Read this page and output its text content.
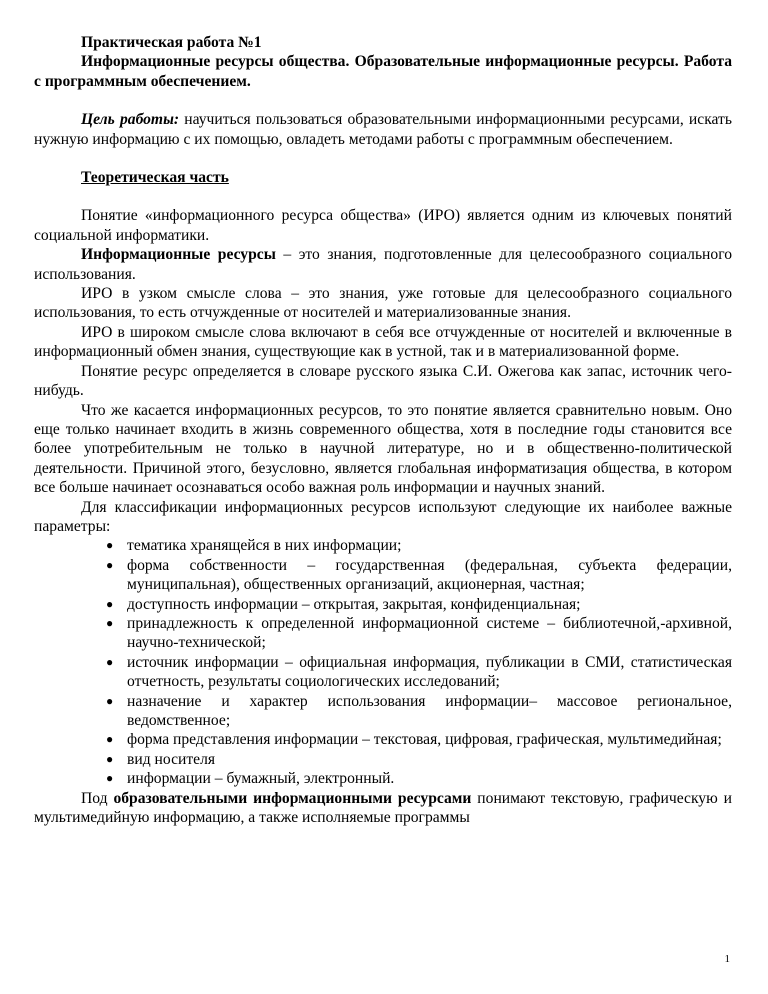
Практическая работа №1

Информационные ресурсы общества. Образовательные информационные ресурсы. Работа с программным обеспечением.

Цель работы: научиться пользоваться образовательными информационными ресурсами, искать нужную информацию с их помощью, овладеть методами работы с программным обеспечением.

Теоретическая часть

Понятие «информационного ресурса общества» (ИРО) является одним из ключевых понятий социальной информатики.

Информационные ресурсы – это знания, подготовленные для целесообразного социального использования.

ИРО в узком смысле слова – это знания, уже готовые для целесообразного социального использования, то есть отчужденные от носителей и материализованные знания.

ИРО в широком смысле слова включают в себя все отчужденные от носителей и включенные в информационный обмен знания, существующие как в устной, так и в материализованной форме.

Понятие ресурс определяется в словаре русского языка С.И. Ожегова как запас, источник чего-нибудь.

Что же касается информационных ресурсов, то это понятие является сравнительно новым. Оно еще только начинает входить в жизнь современного общества, хотя в последние годы становится все более употребительным не только в научной литературе, но и в общественно-политической деятельности. Причиной этого, безусловно, является глобальная информатизация общества, в котором все больше начинает осознаваться особо важная роль информации и научных знаний.

Для классификации информационных ресурсов используют следующие их наиболее важные параметры:

● тематика хранящейся в них информации;
● форма собственности – государственная (федеральная, субъекта федерации, муниципальная), общественных организаций, акционерная, частная;
● доступность информации – открытая, закрытая, конфиденциальная;
● принадлежность к определенной информационной системе – библиотечной,-архивной, научно-технической;
● источник информации – официальная информация, публикации в СМИ, статистическая отчетность, результаты социологических исследований;
● назначение и характер использования информации– массовое региональное, ведомственное;
● форма представления информации – текстовая, цифровая, графическая, мультимедийная;
● вид носителя
● информации – бумажный, электронный.

Под образовательными информационными ресурсами понимают текстовую, графическую и мультимедийную информацию, а также исполняемые программы

1
